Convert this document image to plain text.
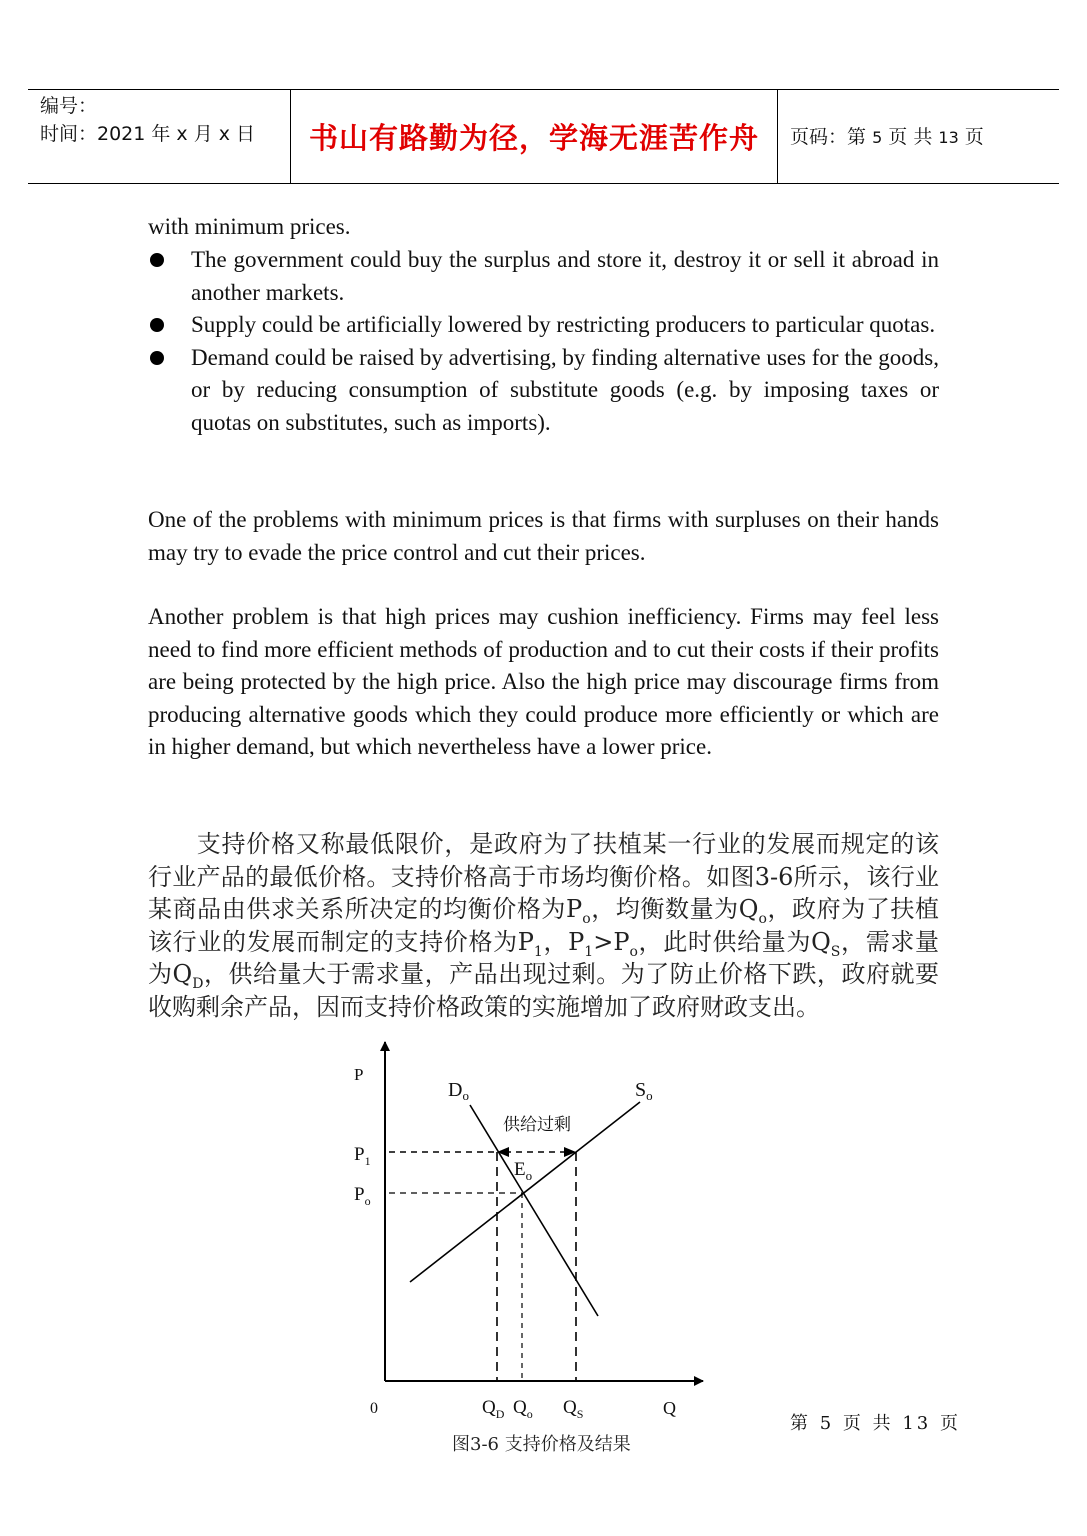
编号：
时间：2021 年 x 月 x 日	书山有路勤为径，学海无涯苦作舟	页码：第 5 页 共 13 页
with minimum prices.
The government could buy the surplus and store it, destroy it or sell it abroad in another markets.
Supply could be artificially lowered by restricting producers to particular quotas.
Demand could be raised by advertising, by finding alternative uses for the goods, or by reducing consumption of substitute goods (e.g. by imposing taxes or quotas on substitutes, such as imports).
One of the problems with minimum prices is that firms with surpluses on their hands may try to evade the price control and cut their prices.
Another problem is that high prices may cushion inefficiency. Firms may feel less need to find more efficient methods of production and to cut their costs if their profits are being protected by the high price. Also the high price may discourage firms from producing alternative goods which they could produce more efficiently or which are in higher demand, but which nevertheless have a lower price.
支持价格又称最低限价，是政府为了扶植某一行业的发展而规定的该行业产品的最低价格。支持价格高于市场均衡价格。如图3-6所示，该行业某商品由供求关系所决定的均衡价格为$P_o$，均衡数量为$Q_o$，政府为了扶植该行业的发展而制定的支持价格为$P_1$，$P_1>P_o$，此时供给量为$Q_S$，需求量为$Q_D$，供给量大于需求量，产品出现过剩。为了防止价格下跌，政府就要收购剩余产品，因而支持价格政策的实施增加了政府财政支出。
P
Q
0
$D_o$	$S_o$
供给过剩
$E_o$
$P_1$
$P_o$
$Q_D$ $Q_o$ $Q_S$	第 5 页 共 13 页
图3-6 支持价格及结果
